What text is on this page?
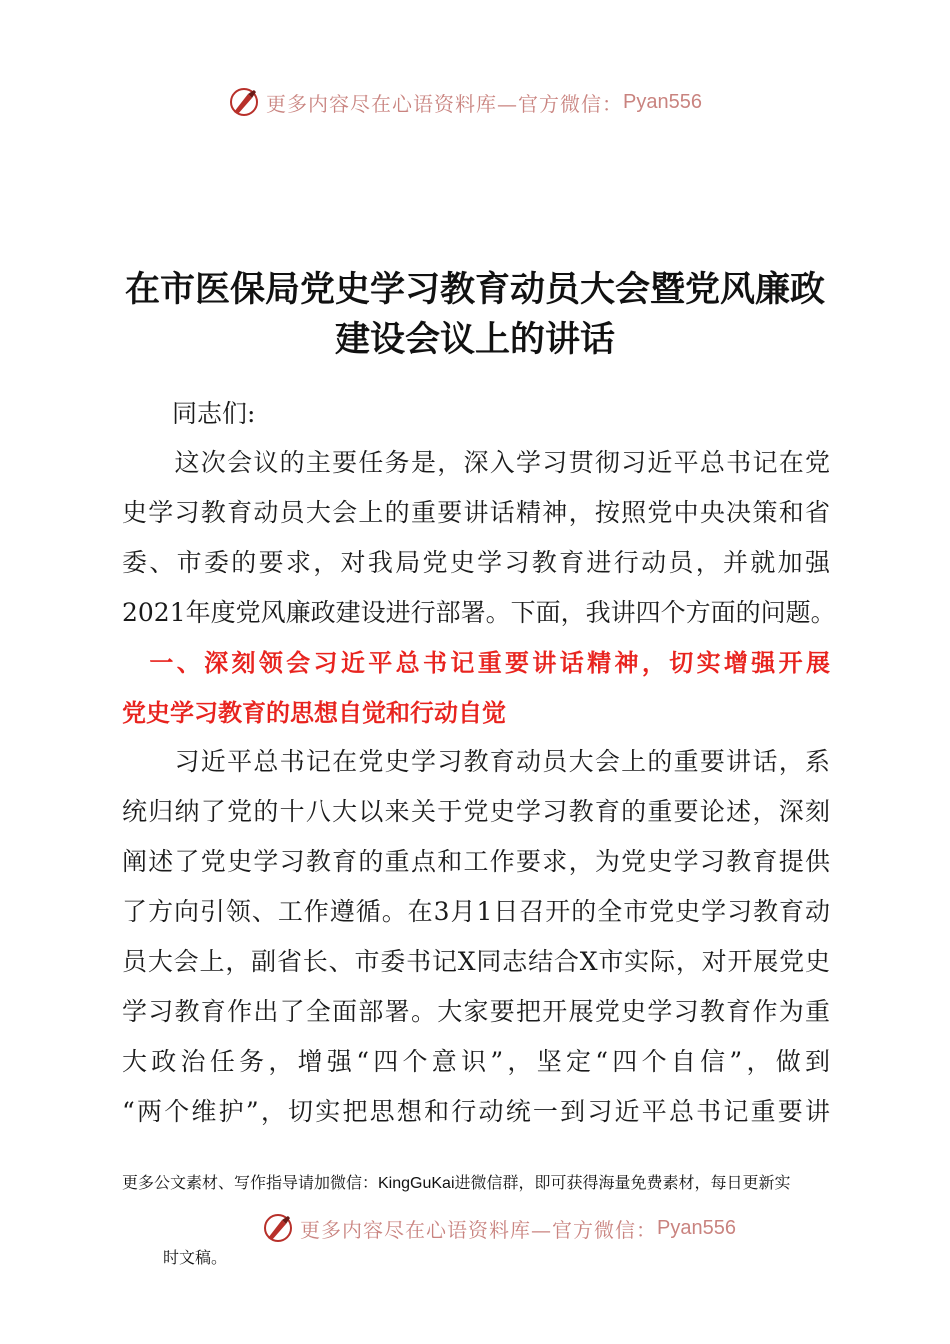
更多内容尽在心语资料库—官方微信： Pyan556
在市医保局党史学习教育动员大会暨党风廉政
建设会议上的讲话
　　同志们:
　　这次会议的主要任务是，深入学习贯彻习近平总书记在党
史学习教育动员大会上的重要讲话精神，按照党中央决策和省
委、市委的要求，对我局党史学习教育进行动员，并就加强
2021年度党风廉政建设进行部署。下面，我讲四个方面的问题。
　一、深刻领会习近平总书记重要讲话精神，切实增强开展
党史学习教育的思想自觉和行动自觉
　　习近平总书记在党史学习教育动员大会上的重要讲话，系
统归纳了党的十八大以来关于党史学习教育的重要论述，深刻
阐述了党史学习教育的重点和工作要求，为党史学习教育提供
了方向引领、工作遵循。在3月1日召开的全市党史学习教育动
员大会上，副省长、市委书记X同志结合X市实际，对开展党史
学习教育作出了全面部署。大家要把开展党史学习教育作为重
大政治任务，增强“四个意识”，坚定“四个自信”，做到
“两个维护”，切实把思想和行动统一到习近平总书记重要讲
更多公文素材、写作指导请加微信：KingGuKai进微信群，即可获得海量免费素材，每日更新实
更多内容尽在心语资料库—官方微信： Pyan556
时文稿。
